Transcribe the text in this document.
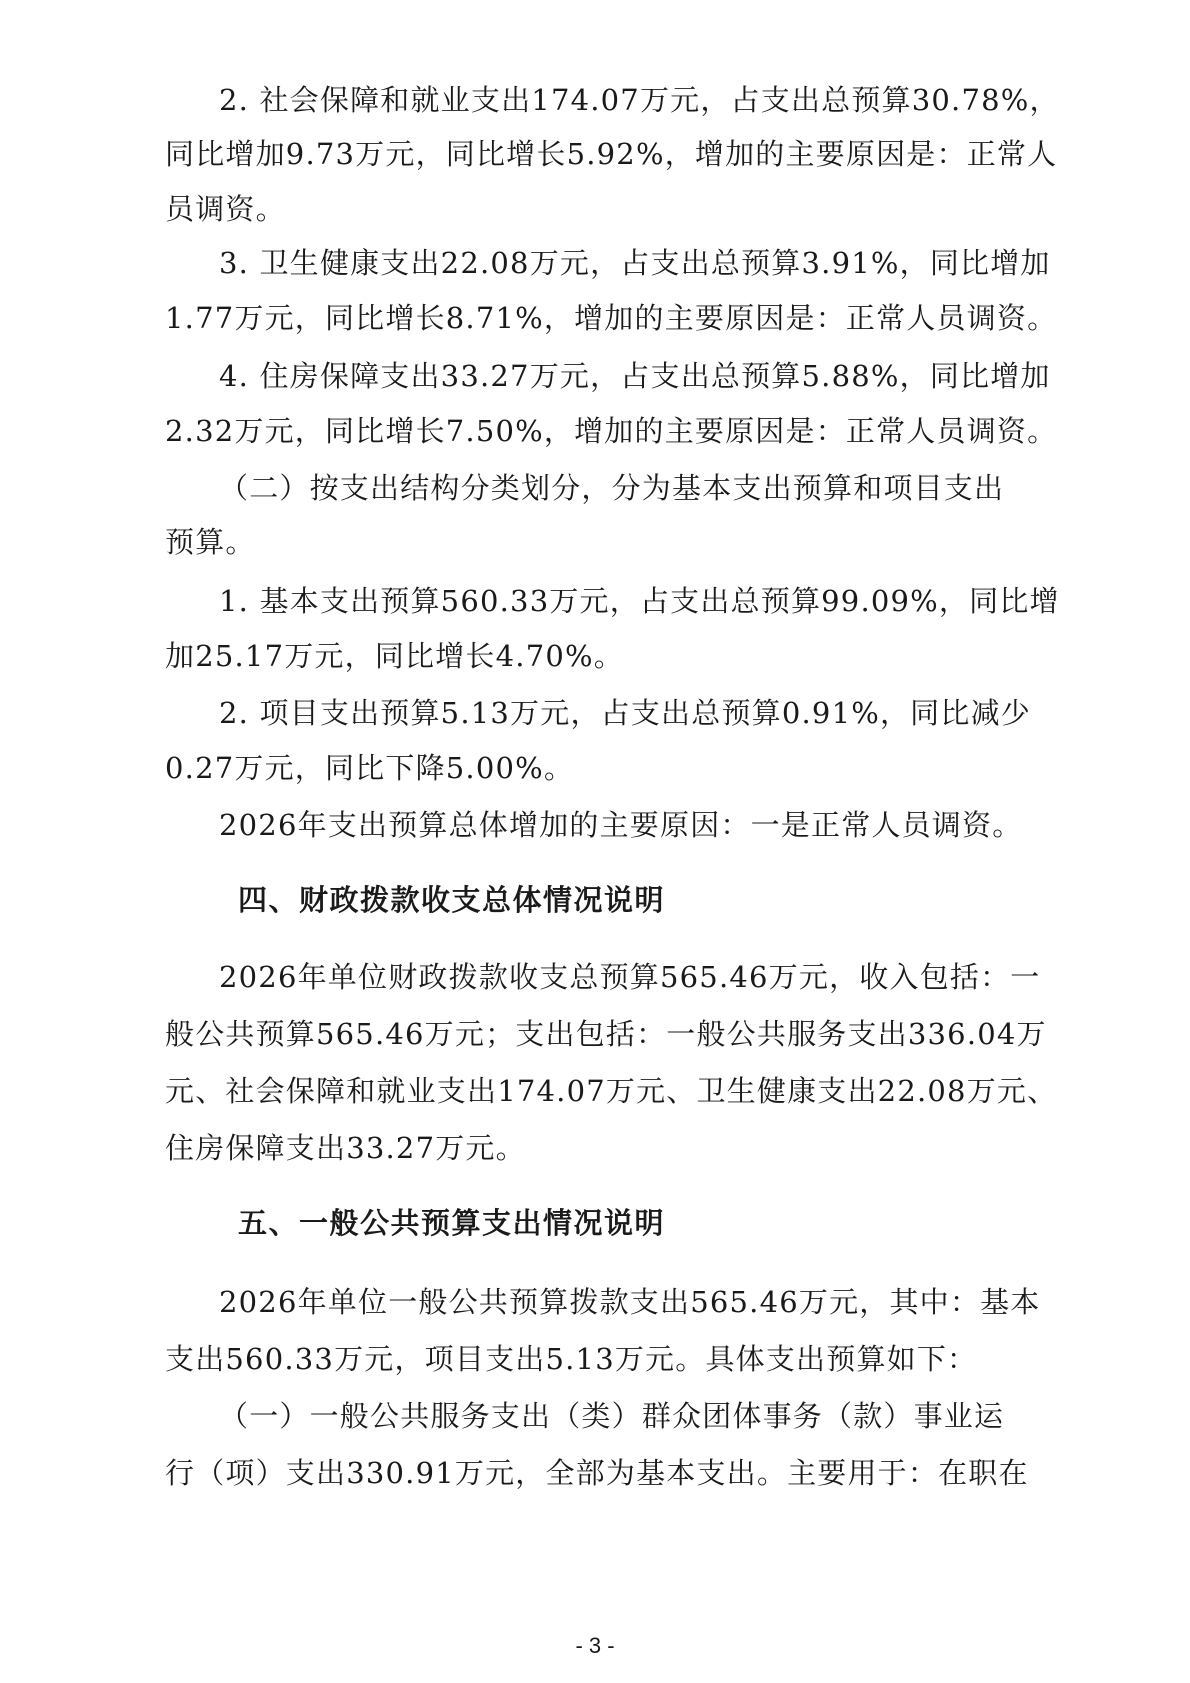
2. 社会保障和就业支出174.07万元，占支出总预算30.78%，
同比增加9.73万元，同比增长5.92%，增加的主要原因是：正常人
员调资。
3. 卫生健康支出22.08万元，占支出总预算3.91%，同比增加
1.77万元，同比增长8.71%，增加的主要原因是：正常人员调资。
4. 住房保障支出33.27万元，占支出总预算5.88%，同比增加
2.32万元，同比增长7.50%，增加的主要原因是：正常人员调资。
（二）按支出结构分类划分，分为基本支出预算和项目支出
预算。
1. 基本支出预算560.33万元，占支出总预算99.09%，同比增
加25.17万元，同比增长4.70%。
2. 项目支出预算5.13万元，占支出总预算0.91%，同比减少
0.27万元，同比下降5.00%。
2026年支出预算总体增加的主要原因：一是正常人员调资。
四、财政拨款收支总体情况说明
2026年单位财政拨款收支总预算565.46万元，收入包括：一
般公共预算565.46万元；支出包括：一般公共服务支出336.04万
元、社会保障和就业支出174.07万元、卫生健康支出22.08万元、
住房保障支出33.27万元。
五、一般公共预算支出情况说明
2026年单位一般公共预算拨款支出565.46万元，其中：基本
支出560.33万元，项目支出5.13万元。具体支出预算如下：
（一）一般公共服务支出（类）群众团体事务（款）事业运
行（项）支出330.91万元，全部为基本支出。主要用于：在职在
- 3 -
